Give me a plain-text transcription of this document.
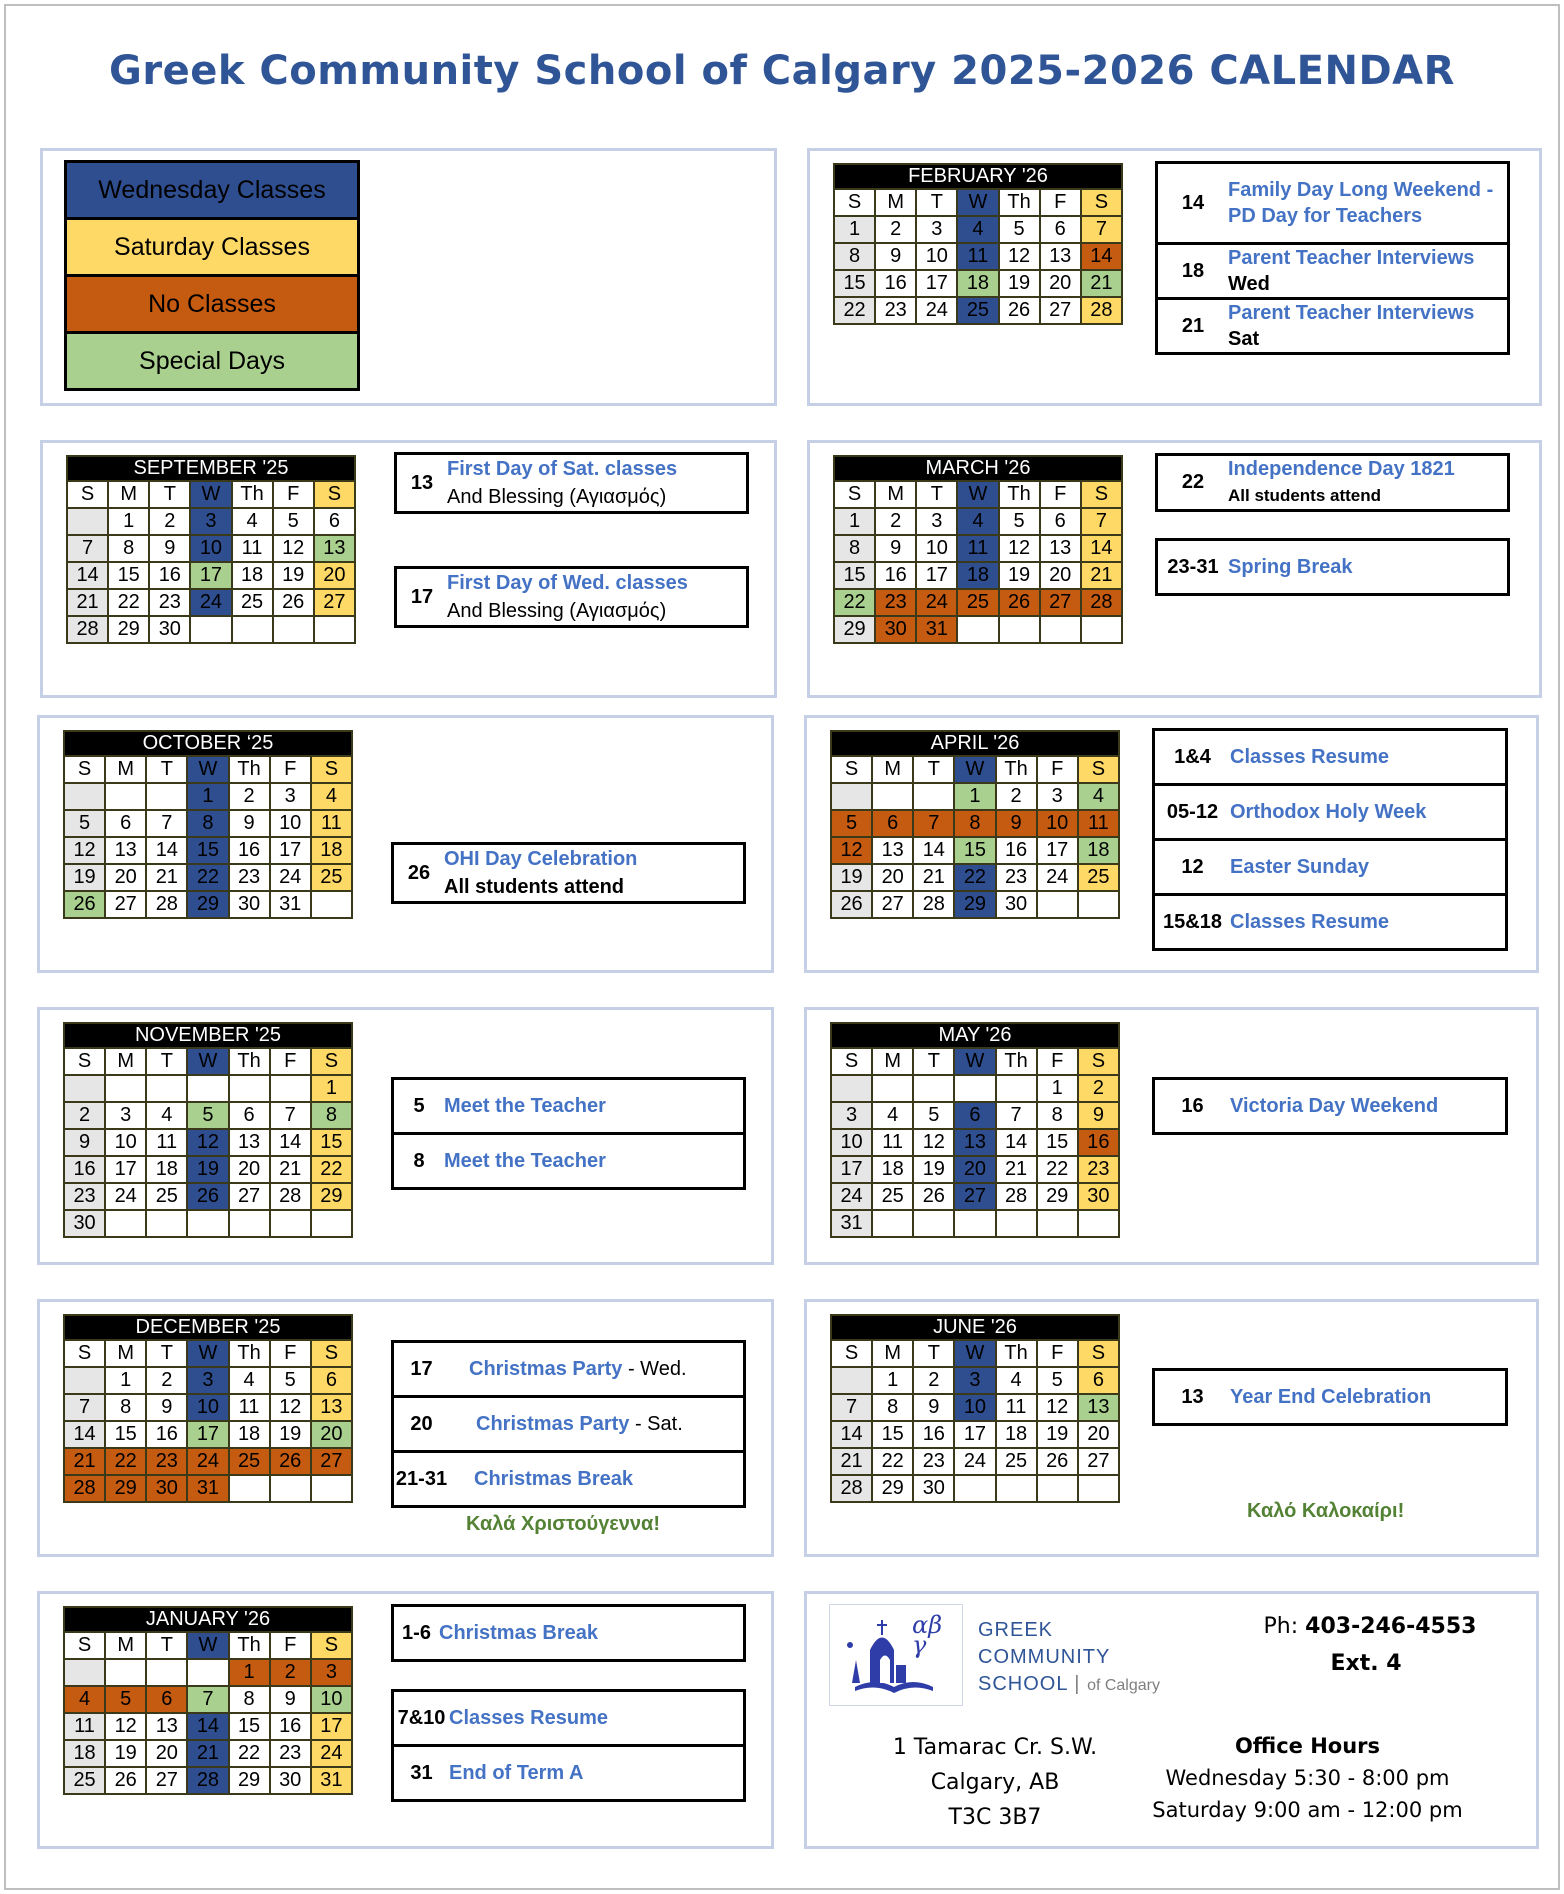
Greek Community School of Calgary 2025-2026 CALENDAR
Wednesday Classes
Saturday Classes
No Classes
Special Days
FEBRUARY '26						
S	M	T	W	Th	F	S
1	2	3	4	5	6	7
8	9	10	11	12	13	14
15	16	17	18	19	20	21
22	23	24	25	26	27	28
SEPTEMBER '25						
S	M	T	W	Th	F	S
	1	2	3	4	5	6
7	8	9	10	11	12	13
14	15	16	17	18	19	20
21	22	23	24	25	26	27
28	29	30				
MARCH '26						
S	M	T	W	Th	F	S
1	2	3	4	5	6	7
8	9	10	11	12	13	14
15	16	17	18	19	20	21
22	23	24	25	26	27	28
29	30	31				
OCTOBER ‘25						
S	M	T	W	Th	F	S
			1	2	3	4
5	6	7	8	9	10	11
12	13	14	15	16	17	18
19	20	21	22	23	24	25
26	27	28	29	30	31	
APRIL '26						
S	M	T	W	Th	F	S
			1	2	3	4
5	6	7	8	9	10	11
12	13	14	15	16	17	18
19	20	21	22	23	24	25
26	27	28	29	30		
NOVEMBER '25						
S	M	T	W	Th	F	S
						1
2	3	4	5	6	7	8
9	10	11	12	13	14	15
16	17	18	19	20	21	22
23	24	25	26	27	28	29
30						
MAY '26						
S	M	T	W	Th	F	S
					1	2
3	4	5	6	7	8	9
10	11	12	13	14	15	16
17	18	19	20	21	22	23
24	25	26	27	28	29	30
31						
DECEMBER '25						
S	M	T	W	Th	F	S
	1	2	3	4	5	6
7	8	9	10	11	12	13
14	15	16	17	18	19	20
21	22	23	24	25	26	27
28	29	30	31			
JUNE '26						
S	M	T	W	Th	F	S
	1	2	3	4	5	6
7	8	9	10	11	12	13
14	15	16	17	18	19	20
21	22	23	24	25	26	27
28	29	30				
JANUARY '26						
S	M	T	W	Th	F	S
				1	2	3
4	5	6	7	8	9	10
11	12	13	14	15	16	17
18	19	20	21	22	23	24
25	26	27	28	29	30	31
14	Family Day Long Weekend - PD Day for Teachers
18	Parent Teacher Interviews
Wed
21	Parent Teacher Interviews
Sat
13	First Day of Sat. classes
And Blessing (Αγιασμός)
17	First Day of Wed. classes
And Blessing (Αγιασμός)
22	Independence Day 1821
All students attend
23-31	Spring Break
26	OHI Day Celebration
All students attend
1&4	Classes Resume
05-12	Orthodox Holy Week
12	Easter Sunday
15&18	Classes Resume
5	Meet the Teacher
8	Meet the Teacher
16	Victoria Day Weekend
17	Christmas Party - Wed.
20	Christmas Party - Sat.
21-31	Christmas Break
Καλά Χριστούγεννα!
13	Year End Celebration
Καλό Καλοκαίρι!
1-6	Christmas Break
7&10	Classes Resume
31	End of Term A
αβγ
GREEK
COMMUNITY
SCHOOL | of Calgary
Ph: 403-246-4553
Ext. 4
1 Tamarac Cr. S.W.
Calgary, AB
T3C 3B7
Office Hours
Wednesday 5:30 - 8:00 pm
Saturday 9:00 am - 12:00 pm
